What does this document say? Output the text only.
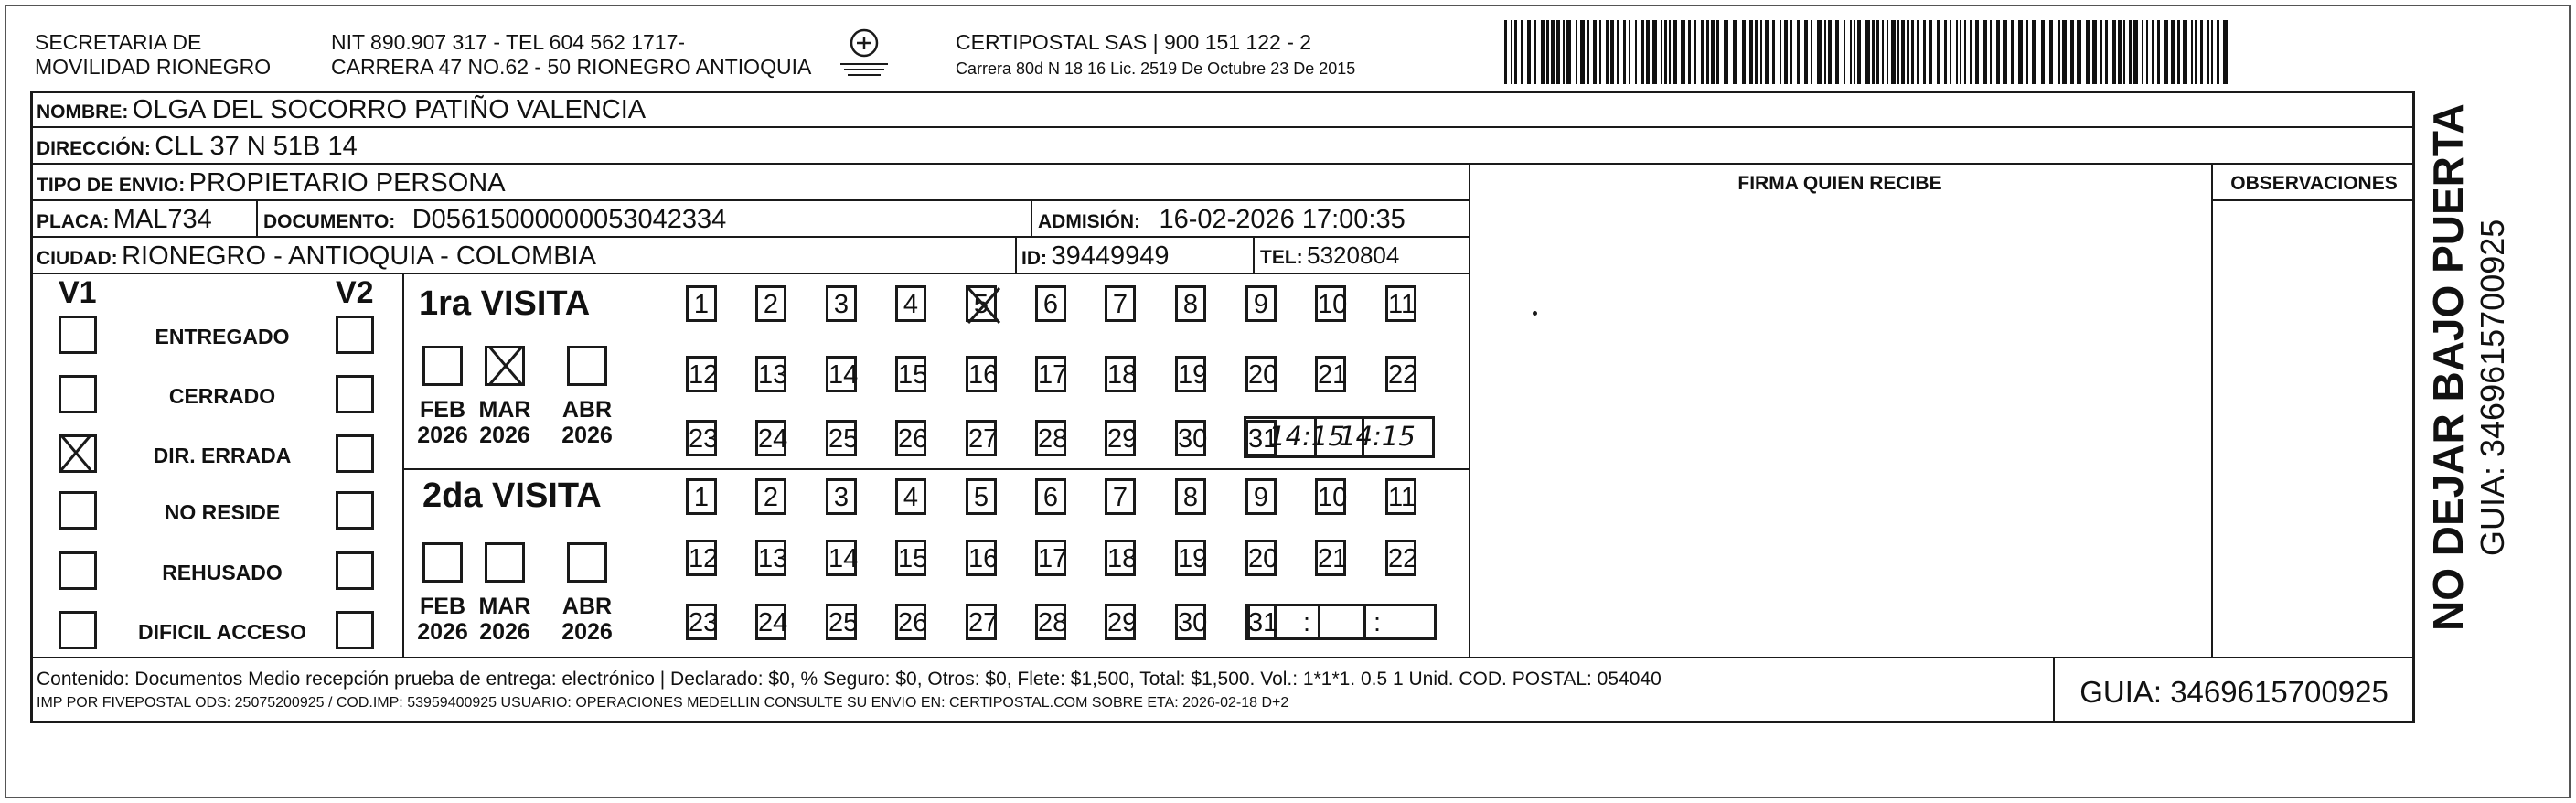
SECRETARIA DE
MOVILIDAD RIONEGRO
NIT 890.907 317 - TEL 604 562 1717-
CARRERA 47 NO.62 - 50 RIONEGRO ANTIOQUIA
CERTIPOSTAL SAS | 900 151 122 - 2
Carrera 80d N 18 16 Lic. 2519 De Octubre 23 De 2015
NOMBRE: OLGA DEL SOCORRO PATIÑO VALENCIA
DIRECCIÓN: CLL 37 N 51B 14
TIPO DE ENVIO: PROPIETARIO PERSONA	FIRMA QUIEN RECIBE	OBSERVACIONES
PLACA: MAL734	DOCUMENTO: D05615000000053042334	ADMISIÓN: 16-02-2026 17:00:35
CIUDAD: RIONEGRO - ANTIOQUIA - COLOMBIA	ID: 39449949	TEL: 5320804
V1	V2
ENTREGADO
CERRADO
DIR. ERRADA
NO RESIDE
REHUSADO
DIFICIL ACCESO
1ra VISITA
2da VISITA
FEB
2026
MAR
2026
ABR
2026
1	2	3	4	5	6	7	8	9	10 11
12 13 14 15 16 17 18 19 20 21 22
23 24 25 26 27 28 29 30 31
14:15
14:15
FEB
2026
MAR
2026
ABR
2026
1	2	3	4	5	6	7	8	9	10 11
12 13 14 15 16 17 18 19 20 21 22
23 24 25 26 27 28 29 30 31 :	:
Contenido: Documentos Medio recepción prueba de entrega: electrónico | Declarado: $0, % Seguro: $0, Otros: $0, Flete: $1,500, Total: $1,500. Vol.: 1*1*1. 0.5 1 Unid. COD. POSTAL: 054040
IMP POR FIVEPOSTAL ODS: 25075200925 / COD.IMP: 53959400925 USUARIO: OPERACIONES MEDELLIN CONSULTE SU ENVIO EN: CERTIPOSTAL.COM SOBRE ETA: 2026-02-18 D+2	GUIA: 3469615700925
NO DEJAR BAJO PUERTA GUIA: 3469615700925
